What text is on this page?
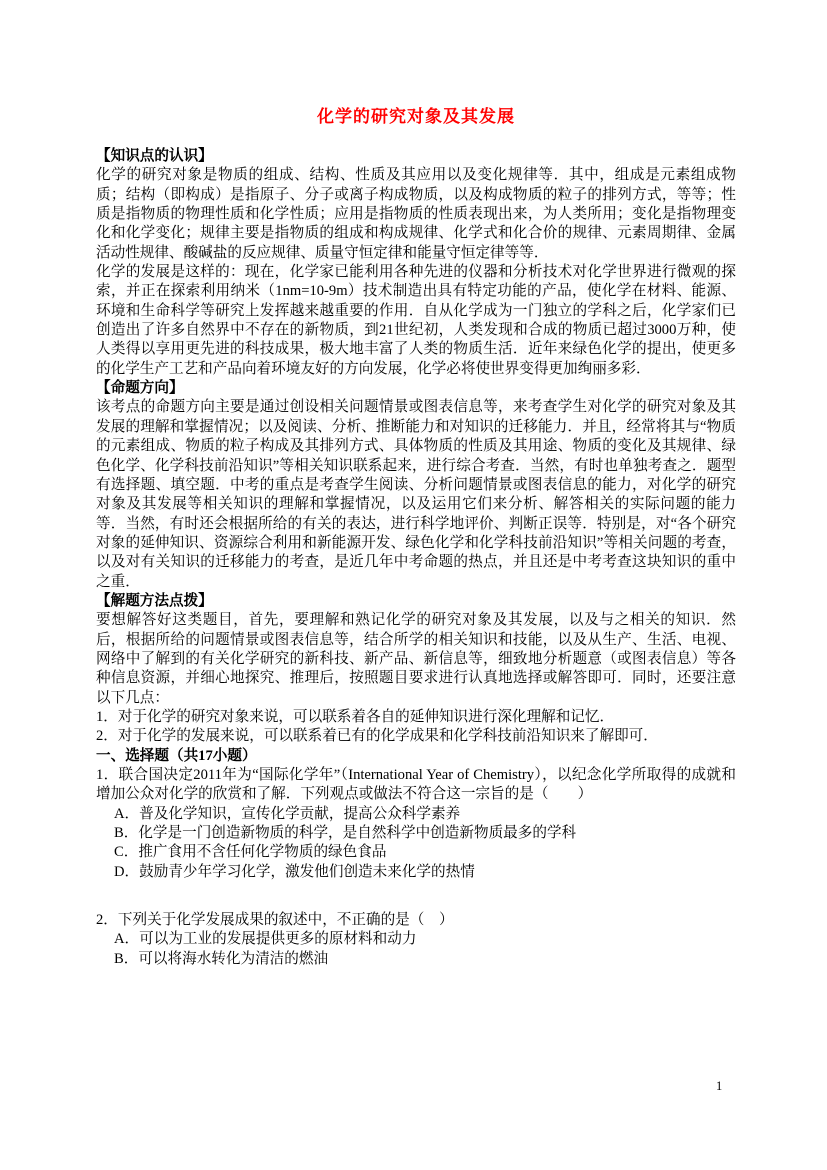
化学的研究对象及其发展

【知识点的认识】

化学的研究对象是物质的组成、结构、性质及其应用以及变化规律等．其中，组成是元素组成物质；结构（即构成）是指原子、分子或离子构成物质，以及构成物质的粒子的排列方式，等等；性质是指物质的物理性质和化学性质；应用是指物质的性质表现出来，为人类所用；变化是指物理变化和化学变化；规律主要是指物质的组成和构成规律、化学式和化合价的规律、元素周期律、金属活动性规律、酸碱盐的反应规律、质量守恒定律和能量守恒定律等等．

化学的发展是这样的：现在，化学家已能利用各种先进的仪器和分析技术对化学世界进行微观的探索，并正在探索利用纳米（1nm=10-9m）技术制造出具有特定功能的产品，使化学在材料、能源、环境和生命科学等研究上发挥越来越重要的作用．自从化学成为一门独立的学科之后，化学家们已创造出了许多自然界中不存在的新物质，到21世纪初，人类发现和合成的物质已超过3000万种，使人类得以享用更先进的科技成果，极大地丰富了人类的物质生活．近年来绿色化学的提出，使更多的化学生产工艺和产品向着环境友好的方向发展，化学必将使世界变得更加绚丽多彩．

【命题方向】

该考点的命题方向主要是通过创设相关问题情景或图表信息等，来考查学生对化学的研究对象及其发展的理解和掌握情况；以及阅读、分析、推断能力和对知识的迁移能力．并且，经常将其与“物质的元素组成、物质的粒子构成及其排列方式、具体物质的性质及其用途、物质的变化及其规律、绿色化学、化学科技前沿知识”等相关知识联系起来，进行综合考查．当然，有时也单独考查之．题型有选择题、填空题．中考的重点是考查学生阅读、分析问题情景或图表信息的能力，对化学的研究对象及其发展等相关知识的理解和掌握情况，以及运用它们来分析、解答相关的实际问题的能力等．当然，有时还会根据所给的有关的表达，进行科学地评价、判断正误等．特别是，对“各个研究对象的延伸知识、资源综合利用和新能源开发、绿色化学和化学科技前沿知识”等相关问题的考查，以及对有关知识的迁移能力的考查，是近几年中考命题的热点，并且还是中考考查这块知识的重中之重．

【解题方法点拨】

要想解答好这类题目，首先，要理解和熟记化学的研究对象及其发展，以及与之相关的知识．然后，根据所给的问题情景或图表信息等，结合所学的相关知识和技能，以及从生产、生活、电视、网络中了解到的有关化学研究的新科技、新产品、新信息等，细致地分析题意（或图表信息）等各种信息资源，并细心地探究、推理后，按照题目要求进行认真地选择或解答即可．同时，还要注意以下几点：

1．对于化学的研究对象来说，可以联系着各自的延伸知识进行深化理解和记忆．

2．对于化学的发展来说，可以联系着已有的化学成果和化学科技前沿知识来了解即可．

一、选择题（共17小题）

1．联合国决定2011年为“国际化学年”（International Year of Chemistry），以纪念化学所取得的成就和增加公众对化学的欣赏和了解．下列观点或做法不符合这一宗旨的是（　　）

A．普及化学知识，宣传化学贡献，提高公众科学素养

B．化学是一门创造新物质的科学，是自然科学中创造新物质最多的学科

C．推广食用不含任何化学物质的绿色食品

D．鼓励青少年学习化学，激发他们创造未来化学的热情

2．下列关于化学发展成果的叙述中，不正确的是（　）

A．可以为工业的发展提供更多的原材料和动力

B．可以将海水转化为清洁的燃油

1
